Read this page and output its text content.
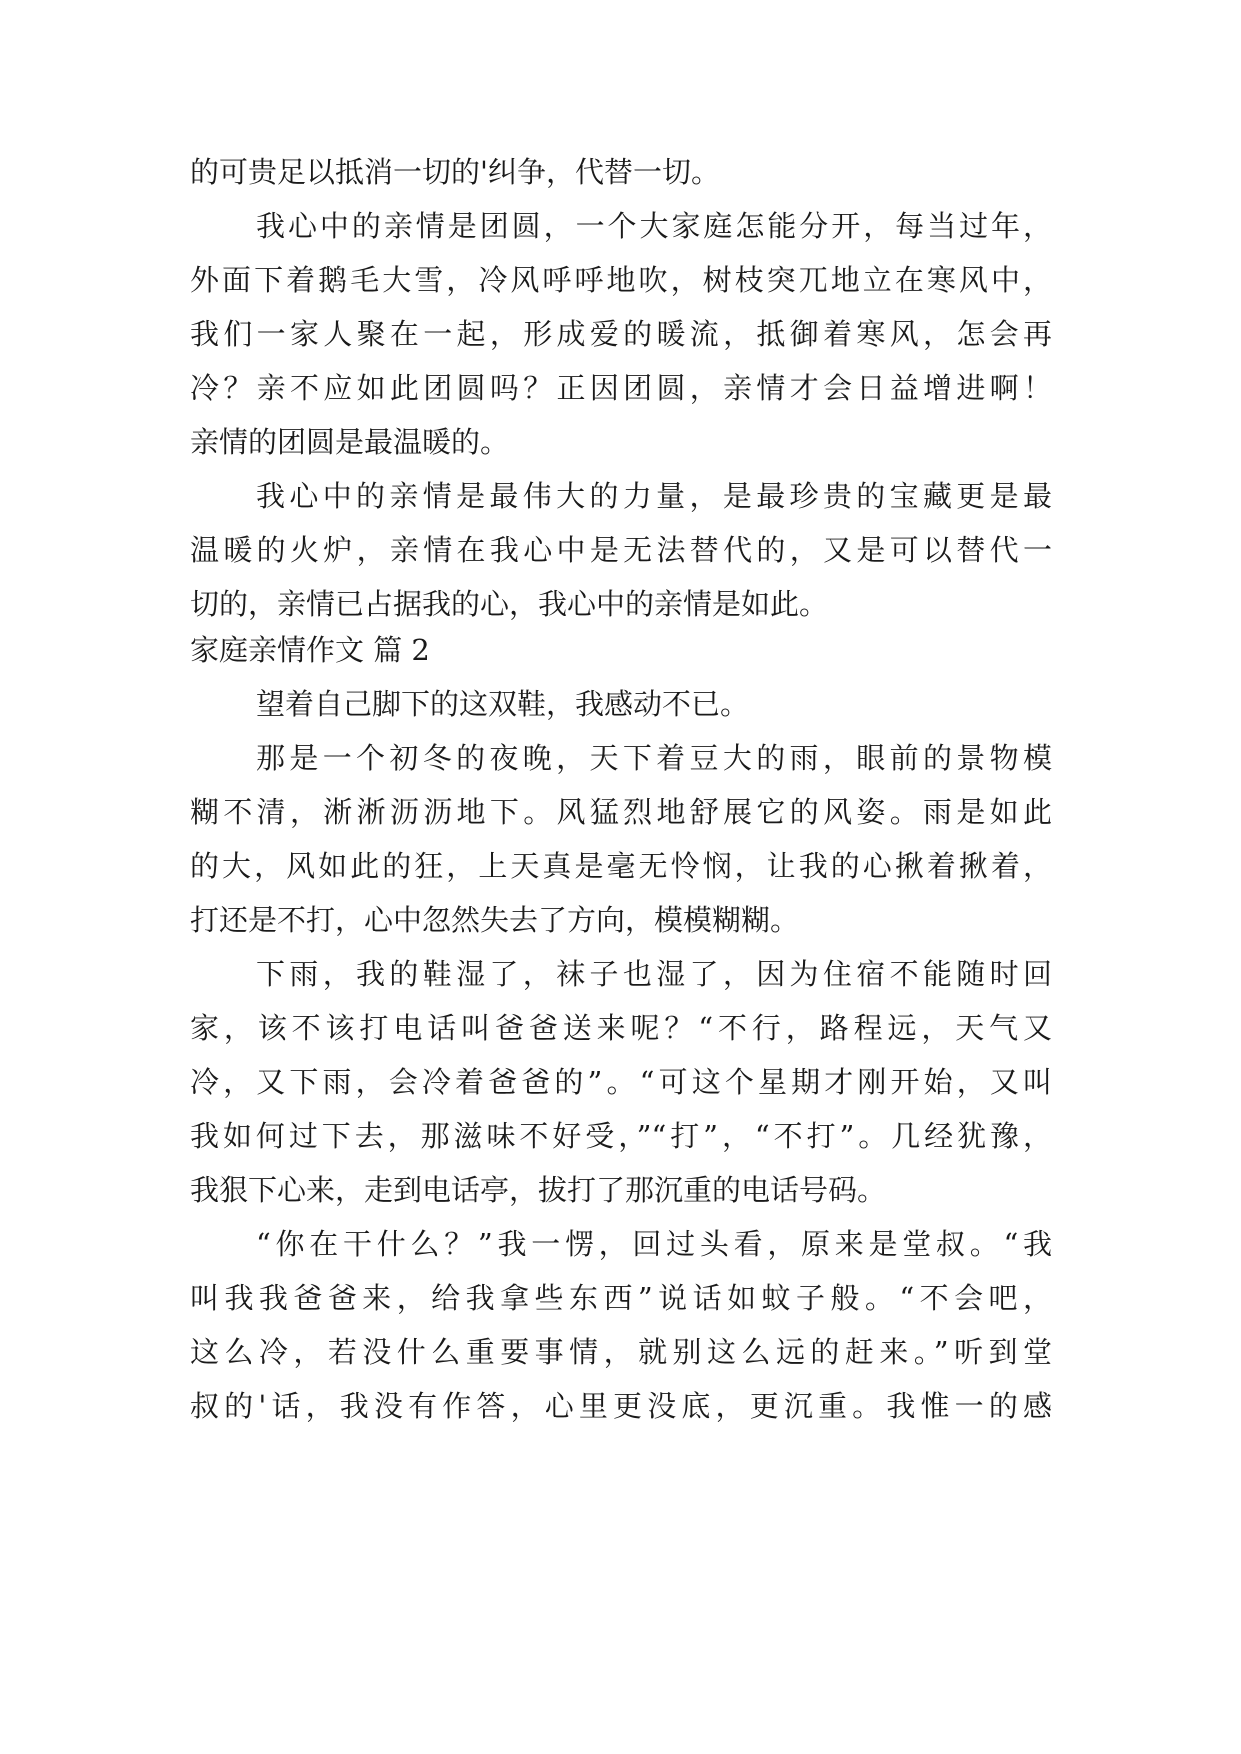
的可贵足以抵消一切的'纠争，代替一切。
我心中的亲情是团圆，一个大家庭怎能分开，每当过年，
外面下着鹅毛大雪，冷风呼呼地吹，树枝突兀地立在寒风中，
我们一家人聚在一起，形成爱的暖流，抵御着寒风，怎会再
冷？亲不应如此团圆吗？正因团圆，亲情才会日益增进啊！
亲情的团圆是最温暖的。
我心中的亲情是最伟大的力量，是最珍贵的宝藏更是最
温暖的火炉，亲情在我心中是无法替代的，又是可以替代一
切的，亲情已占据我的心，我心中的亲情是如此。
家庭亲情作文 篇 2
望着自己脚下的这双鞋，我感动不已。
那是一个初冬的夜晚，天下着豆大的雨，眼前的景物模
糊不清，淅淅沥沥地下。风猛烈地舒展它的风姿。雨是如此
的大，风如此的狂，上天真是毫无怜悯，让我的心揪着揪着，
打还是不打，心中忽然失去了方向，模模糊糊。
下雨，我的鞋湿了，袜子也湿了，因为住宿不能随时回
家，该不该打电话叫爸爸送来呢？“不行，路程远，天气又
冷，又下雨，会冷着爸爸的”。“可这个星期才刚开始，又叫
我如何过下去，那滋味不好受，”“打”，“不打”。几经犹豫，
我狠下心来，走到电话亭，拔打了那沉重的电话号码。
“你在干什么？”我一愣，回过头看，原来是堂叔。“我
叫我我爸爸来，给我拿些东西”说话如蚊子般。“不会吧，
这么冷，若没什么重要事情，就别这么远的赶来。”听到堂
叔的'话，我没有作答，心里更没底，更沉重。我惟一的感
